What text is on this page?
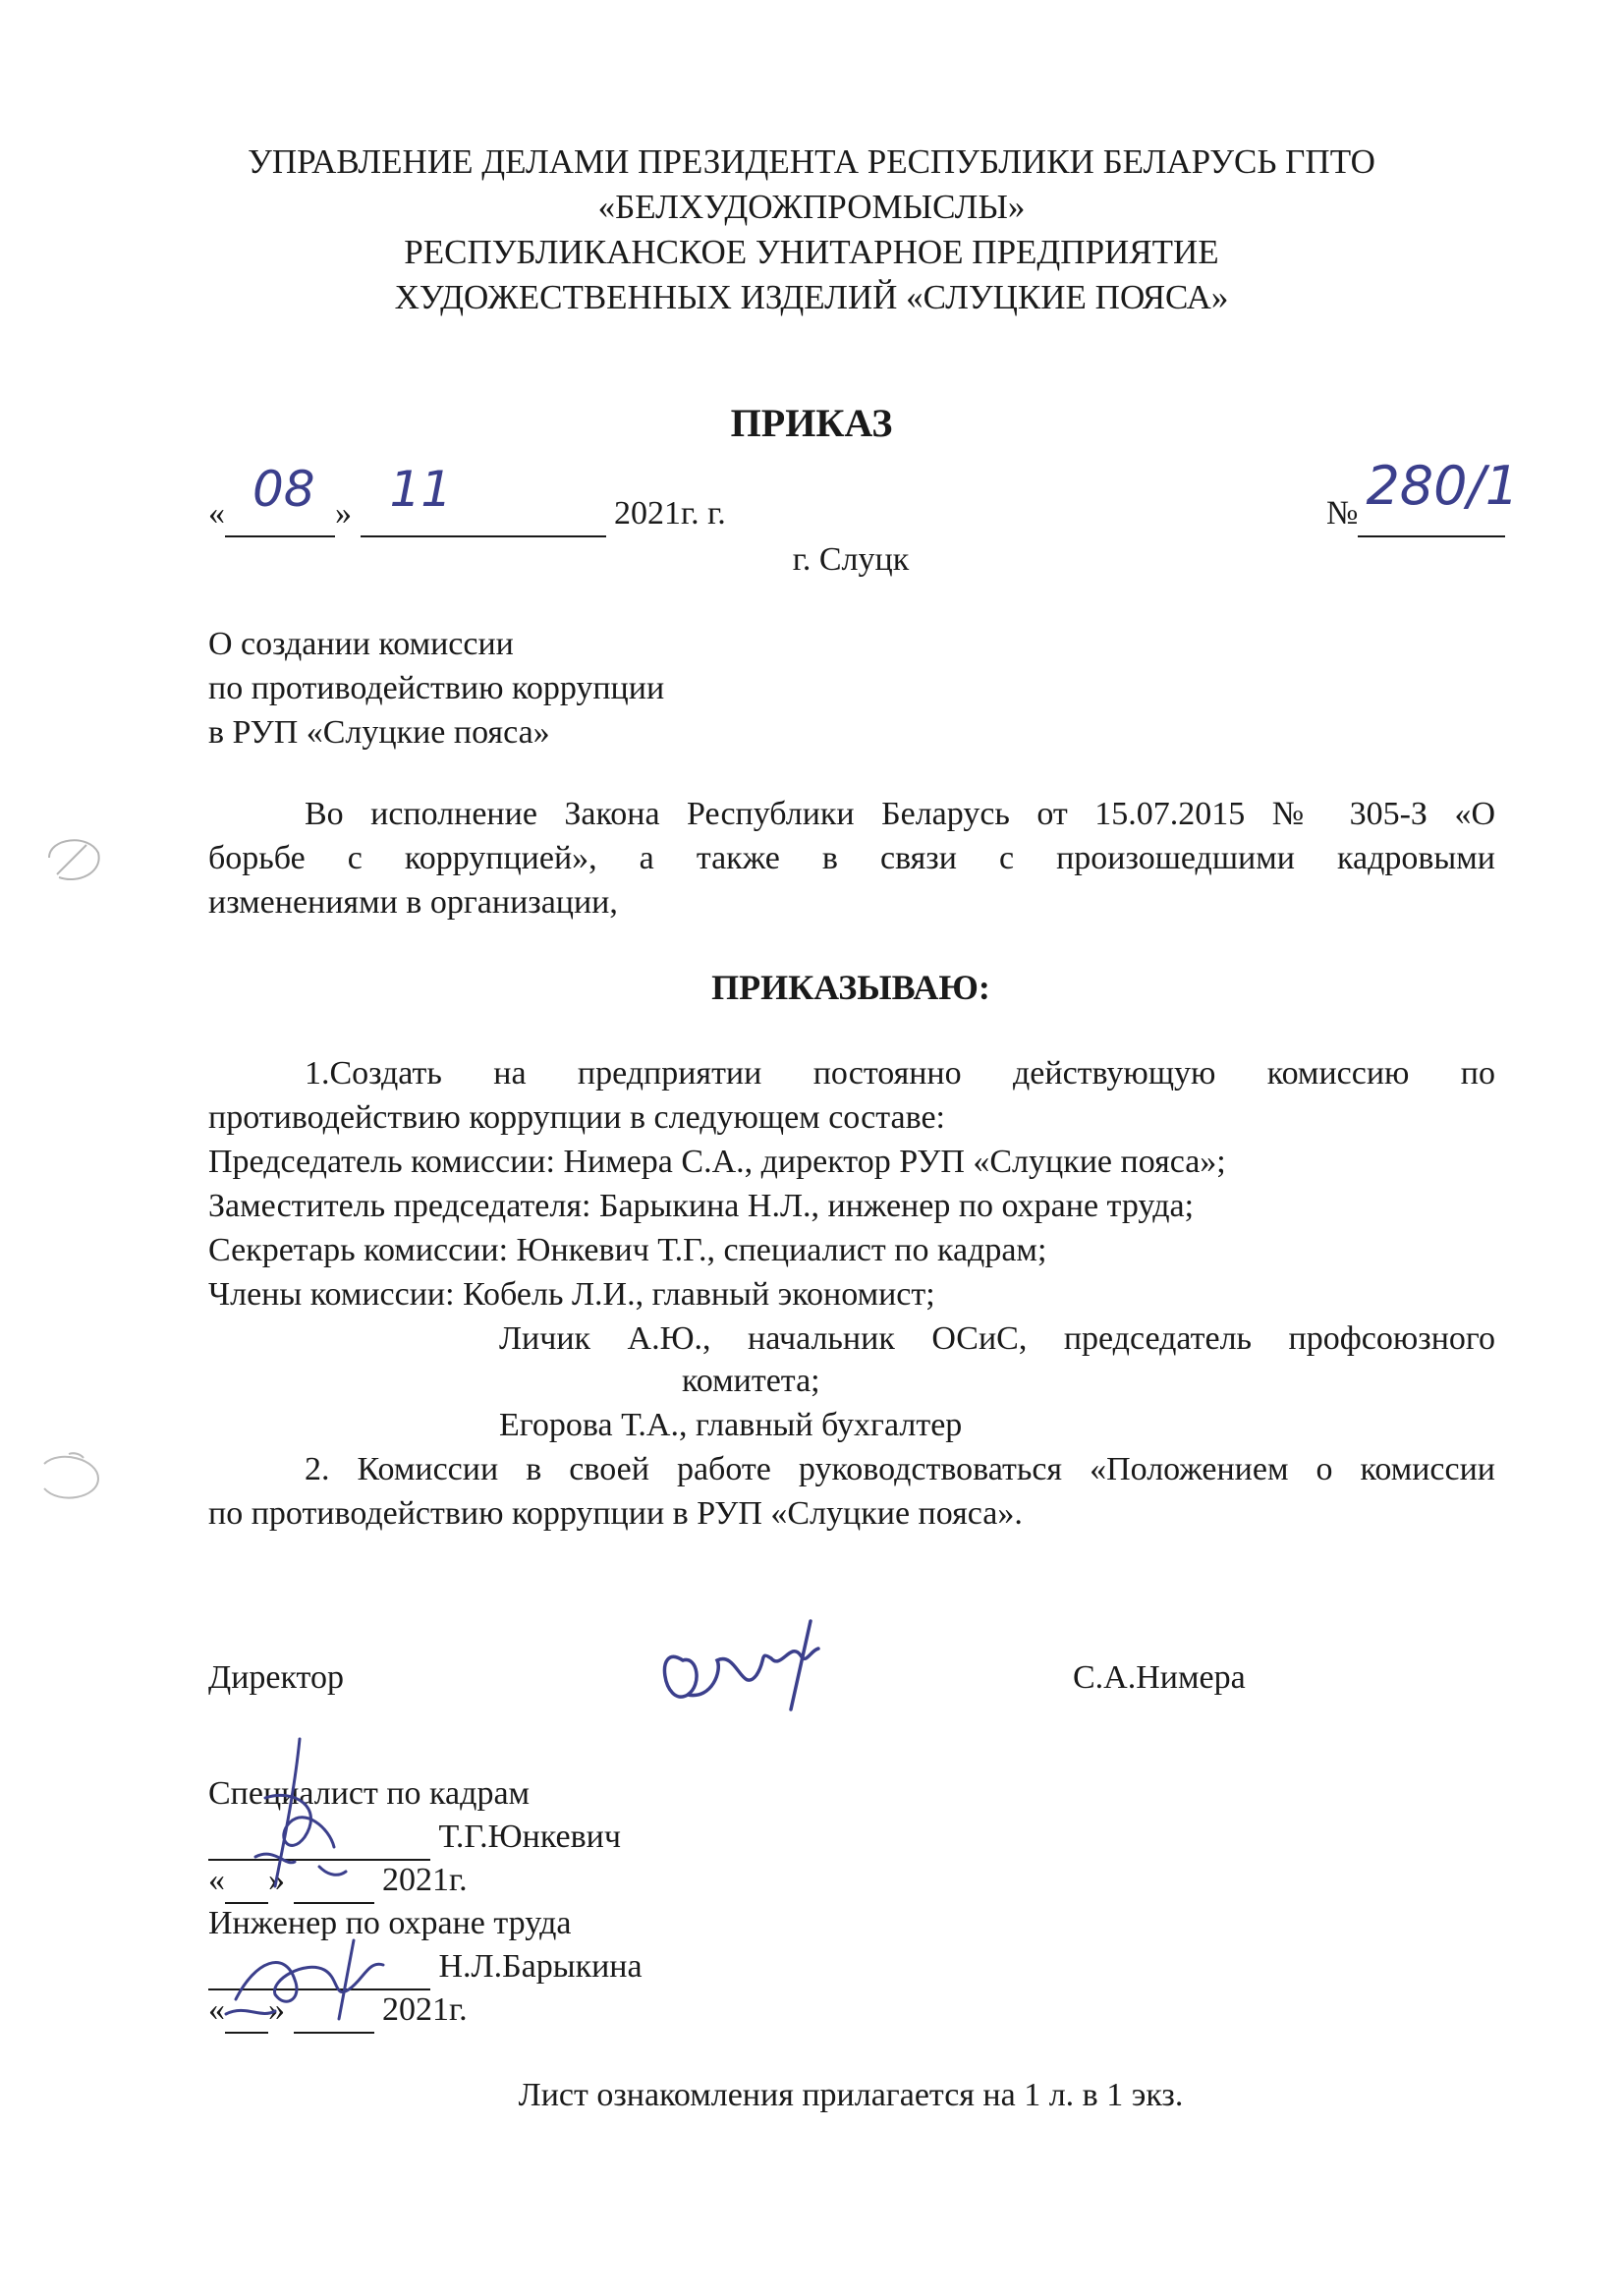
УПРАВЛЕНИЕ ДЕЛАМИ ПРЕЗИДЕНТА РЕСПУБЛИКИ БЕЛАРУСЬ ГПТО
«БЕЛХУДОЖПРОМЫСЛЫ»
РЕСПУБЛИКАНСКОЕ УНИТАРНОЕ ПРЕДПРИЯТИЕ
ХУДОЖЕСТВЕННЫХ ИЗДЕЛИЙ «СЛУЦКИЕ ПОЯСА»
ПРИКАЗ
« 08 » 11	2021г. г.	№ 280/1

г. Слуцк
О создании комиссии
по противодействию коррупции
в РУП «Слуцкие пояса»
Во исполнение Закона Республики Беларусь от 15.07.2015 № 305-З «О
борьбе с коррупцией», а также в связи с произошедшими кадровыми
изменениями в организации,
ПРИКАЗЫВАЮ:
1.Создать на предприятии постоянно действующую комиссию по
противодействию коррупции в следующем составе:
Председатель комиссии: Нимера С.А., директор РУП «Слуцкие пояса»;
Заместитель председателя: Барыкина Н.Л., инженер по охране труда;
Секретарь комиссии: Юнкевич Т.Г., специалист по кадрам;
Члены комиссии: Кобель Л.И., главный экономист;
Личик А.Ю., начальник ОСиС, председатель профсоюзного
комитета;
Егорова Т.А., главный бухгалтер
2. Комиссии в своей работе руководствоваться «Положением о комиссии
по противодействию коррупции в РУП «Слуцкие пояса».
Директор	С.А.Нимера
Специалист по кадрам
Т.Г.Юнкевич
« »	2021г.
Инженер по охране труда
Н.Л.Барыкина
« »	2021г.
Лист ознакомления прилагается на 1 л. в 1 экз.
